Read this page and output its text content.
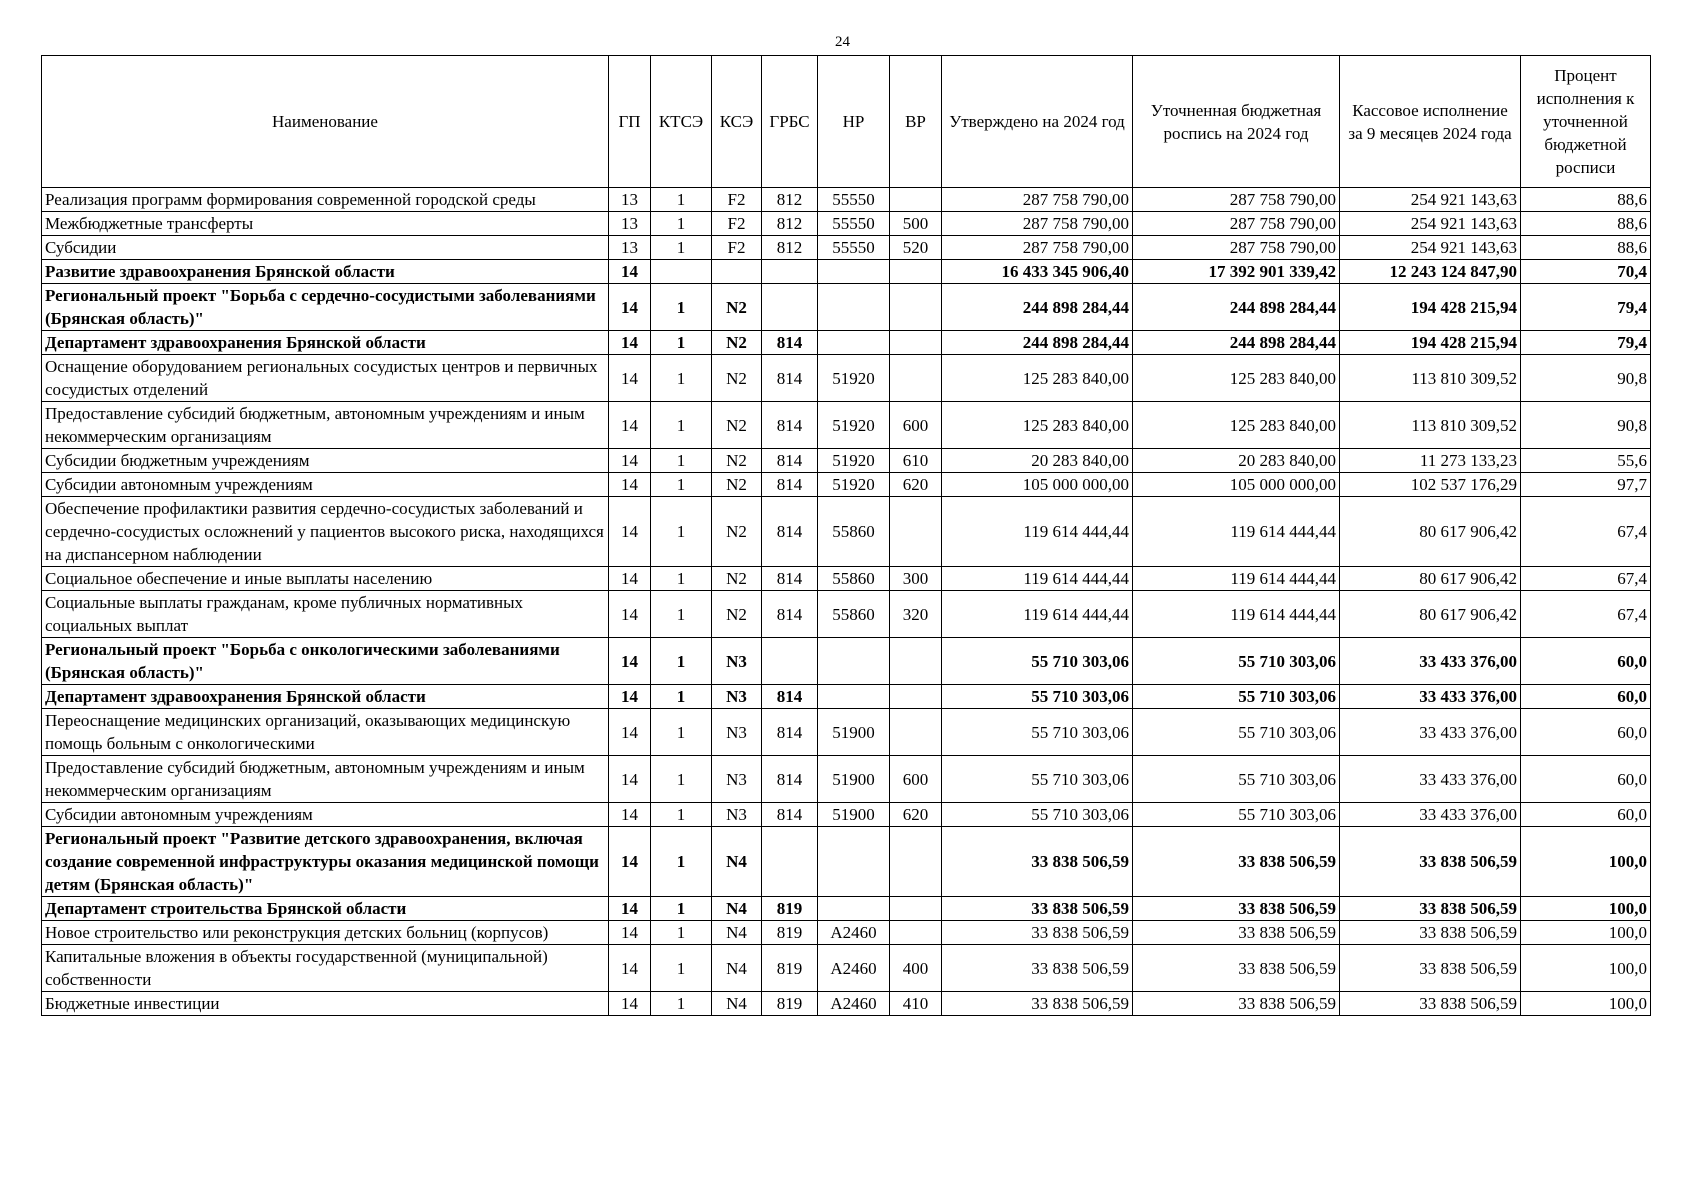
24
Наименование	ГП	КТСЭ	КСЭ	ГРБС	НР	ВР	Утверждено на 2024 год	Уточненная бюджетная роспись на 2024 год	Кассовое исполнение за 9 месяцев 2024 года	Процент исполнения к уточненной бюджетной росписи
Реализация программ формирования современной городской среды	13	1	F2	812	55550		287 758 790,00	287 758 790,00	254 921 143,63	88,6
Межбюджетные трансферты	13	1	F2	812	55550	500	287 758 790,00	287 758 790,00	254 921 143,63	88,6
Субсидии	13	1	F2	812	55550	520	287 758 790,00	287 758 790,00	254 921 143,63	88,6
Развитие здравоохранения Брянской области	14						16 433 345 906,40	17 392 901 339,42	12 243 124 847,90	70,4
Региональный проект "Борьба с сердечно-сосудистыми заболеваниями (Брянская область)"	14	1	N2				244 898 284,44	244 898 284,44	194 428 215,94	79,4
Департамент здравоохранения Брянской области	14	1	N2	814			244 898 284,44	244 898 284,44	194 428 215,94	79,4
Оснащение оборудованием региональных сосудистых центров и первичных сосудистых отделений	14	1	N2	814	51920		125 283 840,00	125 283 840,00	113 810 309,52	90,8
Предоставление субсидий бюджетным, автономным учреждениям и иным некоммерческим организациям	14	1	N2	814	51920	600	125 283 840,00	125 283 840,00	113 810 309,52	90,8
Субсидии бюджетным учреждениям	14	1	N2	814	51920	610	20 283 840,00	20 283 840,00	11 273 133,23	55,6
Субсидии автономным учреждениям	14	1	N2	814	51920	620	105 000 000,00	105 000 000,00	102 537 176,29	97,7
Обеспечение профилактики развития сердечно-сосудистых заболеваний и сердечно-сосудистых осложнений у пациентов высокого риска, находящихся на диспансерном наблюдении	14	1	N2	814	55860		119 614 444,44	119 614 444,44	80 617 906,42	67,4
Социальное обеспечение и иные выплаты населению	14	1	N2	814	55860	300	119 614 444,44	119 614 444,44	80 617 906,42	67,4
Социальные выплаты гражданам, кроме публичных нормативных социальных выплат	14	1	N2	814	55860	320	119 614 444,44	119 614 444,44	80 617 906,42	67,4
Региональный проект "Борьба с онкологическими заболеваниями (Брянская область)"	14	1	N3				55 710 303,06	55 710 303,06	33 433 376,00	60,0
Департамент здравоохранения Брянской области	14	1	N3	814			55 710 303,06	55 710 303,06	33 433 376,00	60,0
Переоснащение медицинских организаций, оказывающих медицинскую помощь больным с онкологическими	14	1	N3	814	51900		55 710 303,06	55 710 303,06	33 433 376,00	60,0
Предоставление субсидий бюджетным, автономным учреждениям и иным некоммерческим организациям	14	1	N3	814	51900	600	55 710 303,06	55 710 303,06	33 433 376,00	60,0
Субсидии автономным учреждениям	14	1	N3	814	51900	620	55 710 303,06	55 710 303,06	33 433 376,00	60,0
Региональный проект "Развитие детского здравоохранения, включая создание современной инфраструктуры оказания медицинской помощи детям (Брянская область)"	14	1	N4				33 838 506,59	33 838 506,59	33 838 506,59	100,0
Департамент строительства Брянской области	14	1	N4	819			33 838 506,59	33 838 506,59	33 838 506,59	100,0
Новое строительство или реконструкция детских больниц (корпусов)	14	1	N4	819	А2460		33 838 506,59	33 838 506,59	33 838 506,59	100,0
Капитальные вложения в объекты государственной (муниципальной) собственности	14	1	N4	819	А2460	400	33 838 506,59	33 838 506,59	33 838 506,59	100,0
Бюджетные инвестиции	14	1	N4	819	А2460	410	33 838 506,59	33 838 506,59	33 838 506,59	100,0
